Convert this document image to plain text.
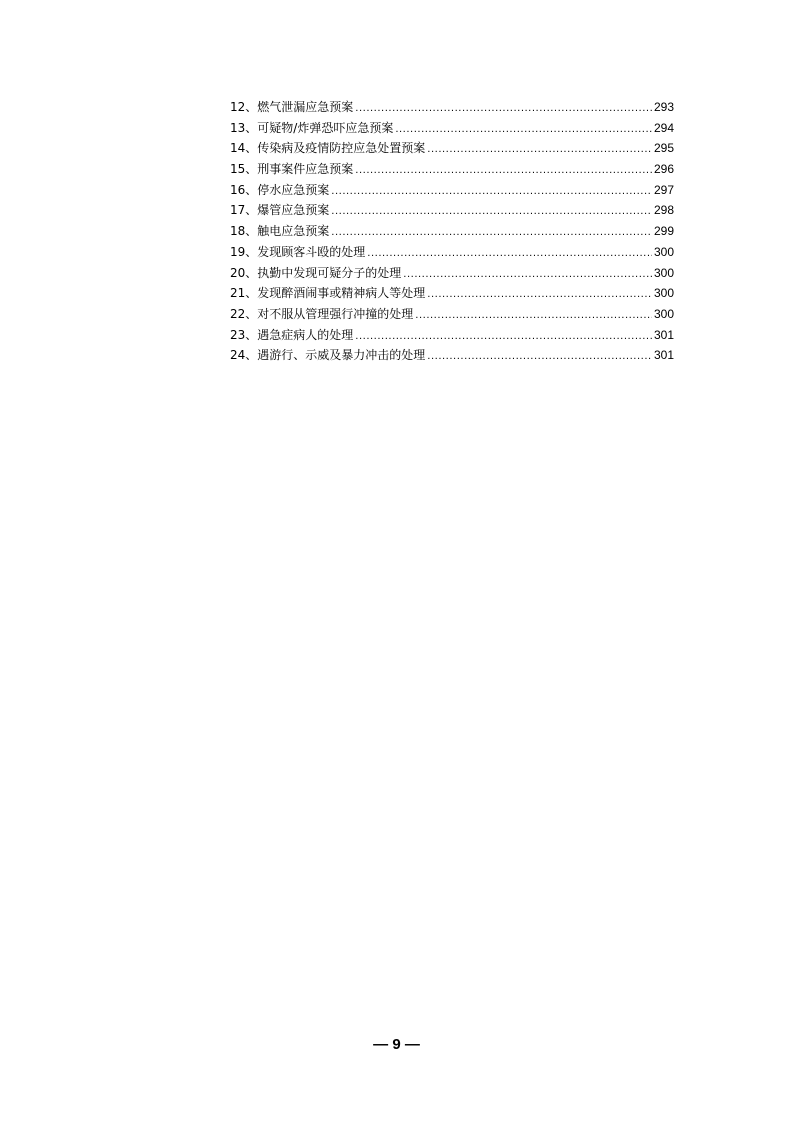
12、燃气泄漏应急预案 .....	293
13、可疑物/炸弹恐吓应急预案 .....	294
14、传染病及疫情防控应急处置预案 .....	295
15、刑事案件应急预案 .....	296
16、停水应急预案 .....	297
17、爆管应急预案 .....	298
18、触电应急预案 .....	299
19、发现顾客斗殴的处理 .....	300
20、执勤中发现可疑分子的处理 .....	300
21、发现醉酒闹事或精神病人等处理 .....	300
22、对不服从管理强行冲撞的处理 .....	300
23、遇急症病人的处理 .....	301
24、遇游行、示威及暴力冲击的处理 .....	301
— 9 —
